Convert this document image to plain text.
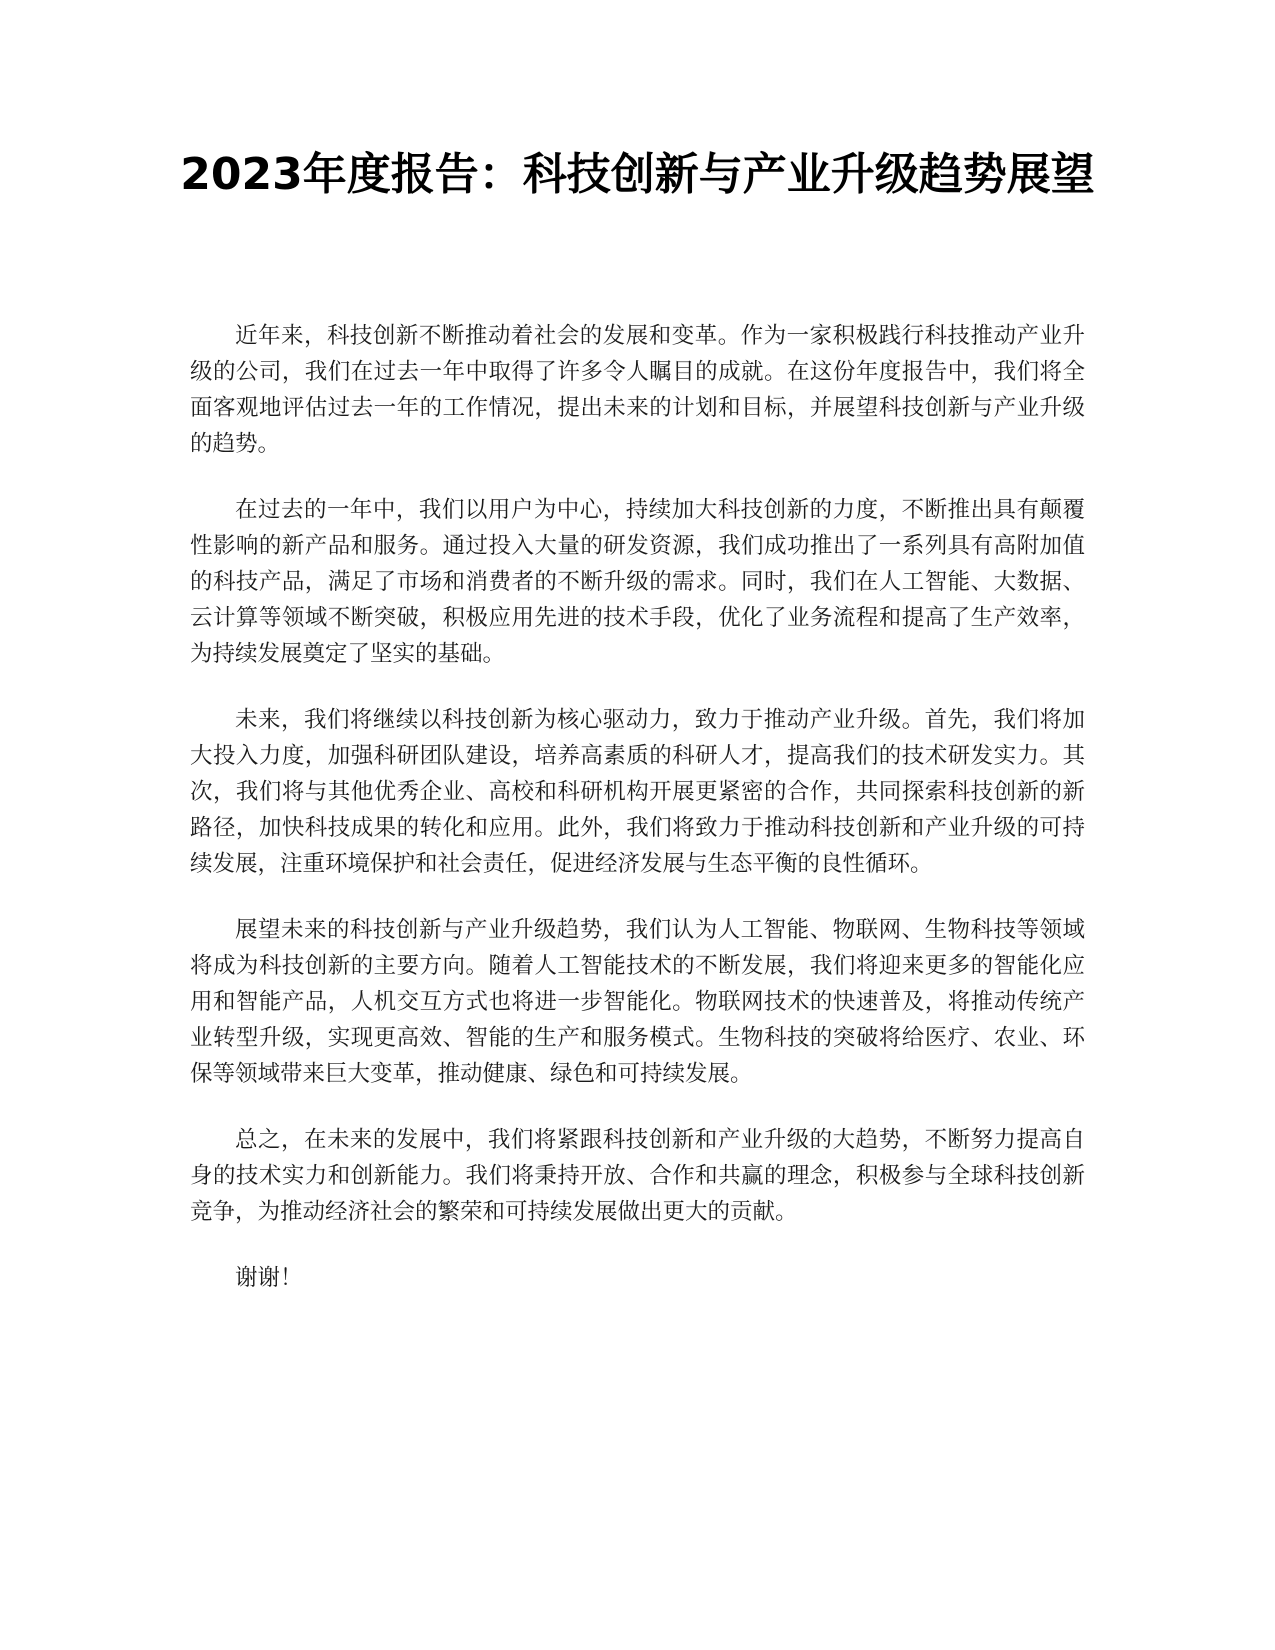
2023年度报告：科技创新与产业升级趋势展望

近年来，科技创新不断推动着社会的发展和变革。作为一家积极践行科技推动产业升级的公司，我们在过去一年中取得了许多令人瞩目的成就。在这份年度报告中，我们将全面客观地评估过去一年的工作情况，提出未来的计划和目标，并展望科技创新与产业升级的趋势。

在过去的一年中，我们以用户为中心，持续加大科技创新的力度，不断推出具有颠覆性影响的新产品和服务。通过投入大量的研发资源，我们成功推出了一系列具有高附加值的科技产品，满足了市场和消费者的不断升级的需求。同时，我们在人工智能、大数据、云计算等领域不断突破，积极应用先进的技术手段，优化了业务流程和提高了生产效率，为持续发展奠定了坚实的基础。

未来，我们将继续以科技创新为核心驱动力，致力于推动产业升级。首先，我们将加大投入力度，加强科研团队建设，培养高素质的科研人才，提高我们的技术研发实力。其次，我们将与其他优秀企业、高校和科研机构开展更紧密的合作，共同探索科技创新的新路径，加快科技成果的转化和应用。此外，我们将致力于推动科技创新和产业升级的可持续发展，注重环境保护和社会责任，促进经济发展与生态平衡的良性循环。

展望未来的科技创新与产业升级趋势，我们认为人工智能、物联网、生物科技等领域将成为科技创新的主要方向。随着人工智能技术的不断发展，我们将迎来更多的智能化应用和智能产品，人机交互方式也将进一步智能化。物联网技术的快速普及，将推动传统产业转型升级，实现更高效、智能的生产和服务模式。生物科技的突破将给医疗、农业、环保等领域带来巨大变革，推动健康、绿色和可持续发展。

总之，在未来的发展中，我们将紧跟科技创新和产业升级的大趋势，不断努力提高自身的技术实力和创新能力。我们将秉持开放、合作和共赢的理念，积极参与全球科技创新竞争，为推动经济社会的繁荣和可持续发展做出更大的贡献。

谢谢！
